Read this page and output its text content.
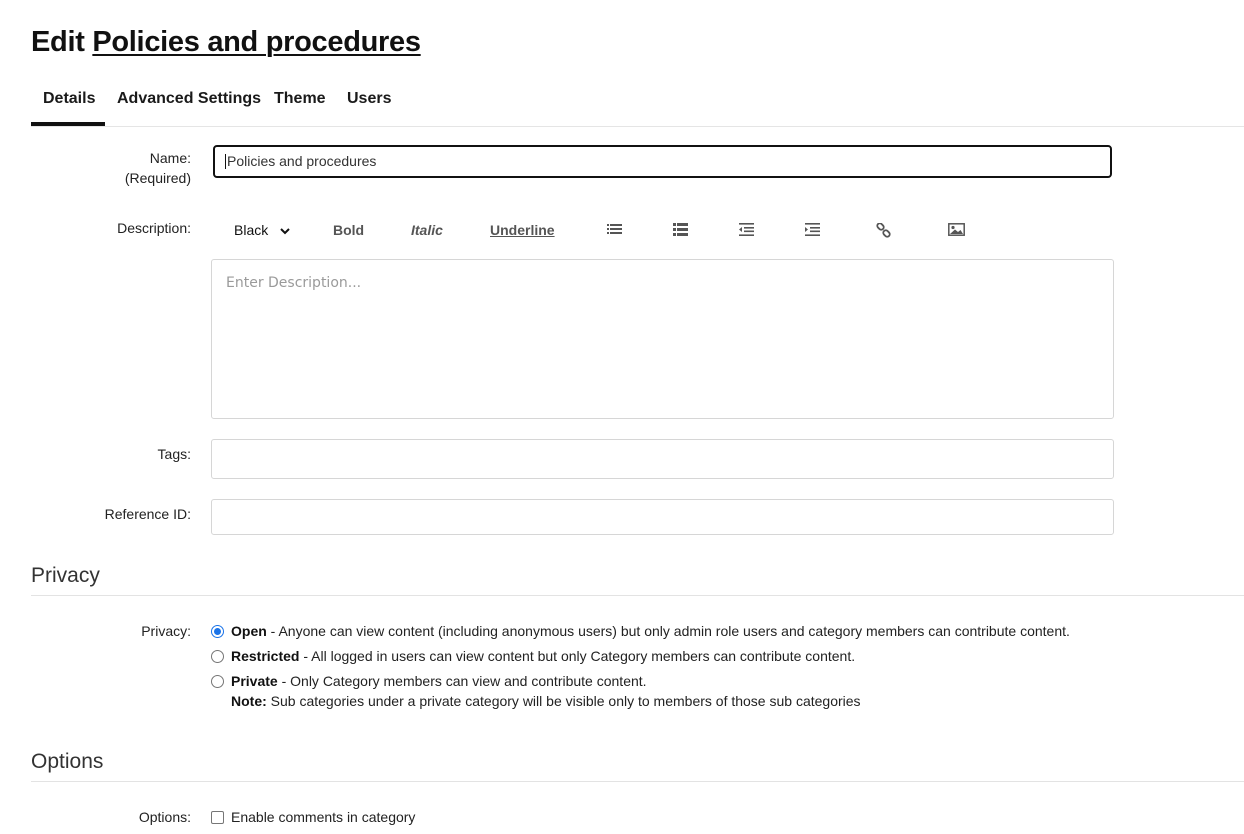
Edit Policies and procedures
Details	Advanced Settings Theme Users
Name:
(Required)
Policies and procedures
Description:	Black	Bold	Italic	Underline
Enter Description...
Tags:
Reference ID:
Privacy
Privacy:	Open - Anyone can view content (including anonymous users) but only admin role users and category members can contribute content.
Restricted - All logged in users can view content but only Category members can contribute content.
Private - Only Category members can view and contribute content.
Note: Sub categories under a private category will be visible only to members of those sub categories
Options
Options:	Enable comments in category
